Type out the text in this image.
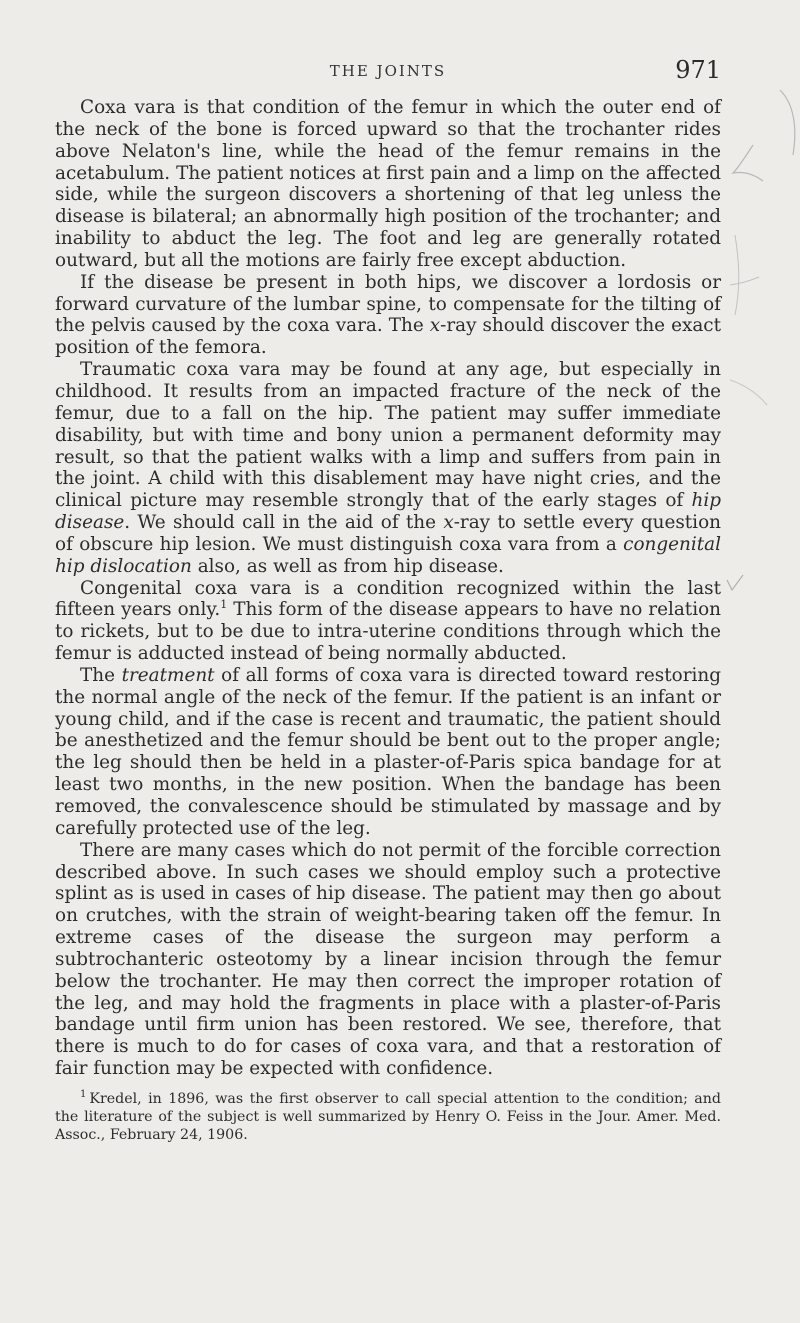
THE JOINTS	971

Coxa vara is that condition of the femur in which the outer end of the neck of the bone is forced upward so that the trochanter rides above Nelaton's line, while the head of the femur remains in the acetabulum. The patient notices at first pain and a limp on the affected side, while the surgeon discovers a shortening of that leg unless the disease is bilateral; an abnormally high position of the trochanter; and inability to abduct the leg. The foot and leg are generally rotated outward, but all the motions are fairly free except abduction.

If the disease be present in both hips, we discover a lordosis or forward curvature of the lumbar spine, to compensate for the tilting of the pelvis caused by the coxa vara. The x-ray should discover the exact position of the femora.

Traumatic coxa vara may be found at any age, but especially in childhood. It results from an impacted fracture of the neck of the femur, due to a fall on the hip. The patient may suffer immediate disability, but with time and bony union a permanent deformity may result, so that the patient walks with a limp and suffers from pain in the joint. A child with this disablement may have night cries, and the clinical picture may resemble strongly that of the early stages of hip disease. We should call in the aid of the x-ray to settle every question of obscure hip lesion. We must distinguish coxa vara from a congenital hip dislocation also, as well as from hip disease.

Congenital coxa vara is a condition recognized within the last fifteen years only.$^1$ This form of the disease appears to have no relation to rickets, but to be due to intra-uterine conditions through which the femur is adducted instead of being normally abducted.

The treatment of all forms of coxa vara is directed toward restoring the normal angle of the neck of the femur. If the patient is an infant or young child, and if the case is recent and traumatic, the patient should be anesthetized and the femur should be bent out to the proper angle; the leg should then be held in a plaster-of-Paris spica bandage for at least two months, in the new position. When the bandage has been removed, the convalescence should be stimulated by massage and by carefully protected use of the leg.

There are many cases which do not permit of the forcible correction described above. In such cases we should employ such a protective splint as is used in cases of hip disease. The patient may then go about on crutches, with the strain of weight-bearing taken off the femur. In extreme cases of the disease the surgeon may perform a subtrochanteric osteotomy by a linear incision through the femur below the trochanter. He may then correct the improper rotation of the leg, and may hold the fragments in place with a plaster-of-Paris bandage until firm union has been restored. We see, therefore, that there is much to do for cases of coxa vara, and that a restoration of fair function may be expected with confidence.

$^1$ Kredel, in 1896, was the first observer to call special attention to the condition; and the literature of the subject is well summarized by Henry O. Feiss in the Jour. Amer. Med. Assoc., February 24, 1906.
